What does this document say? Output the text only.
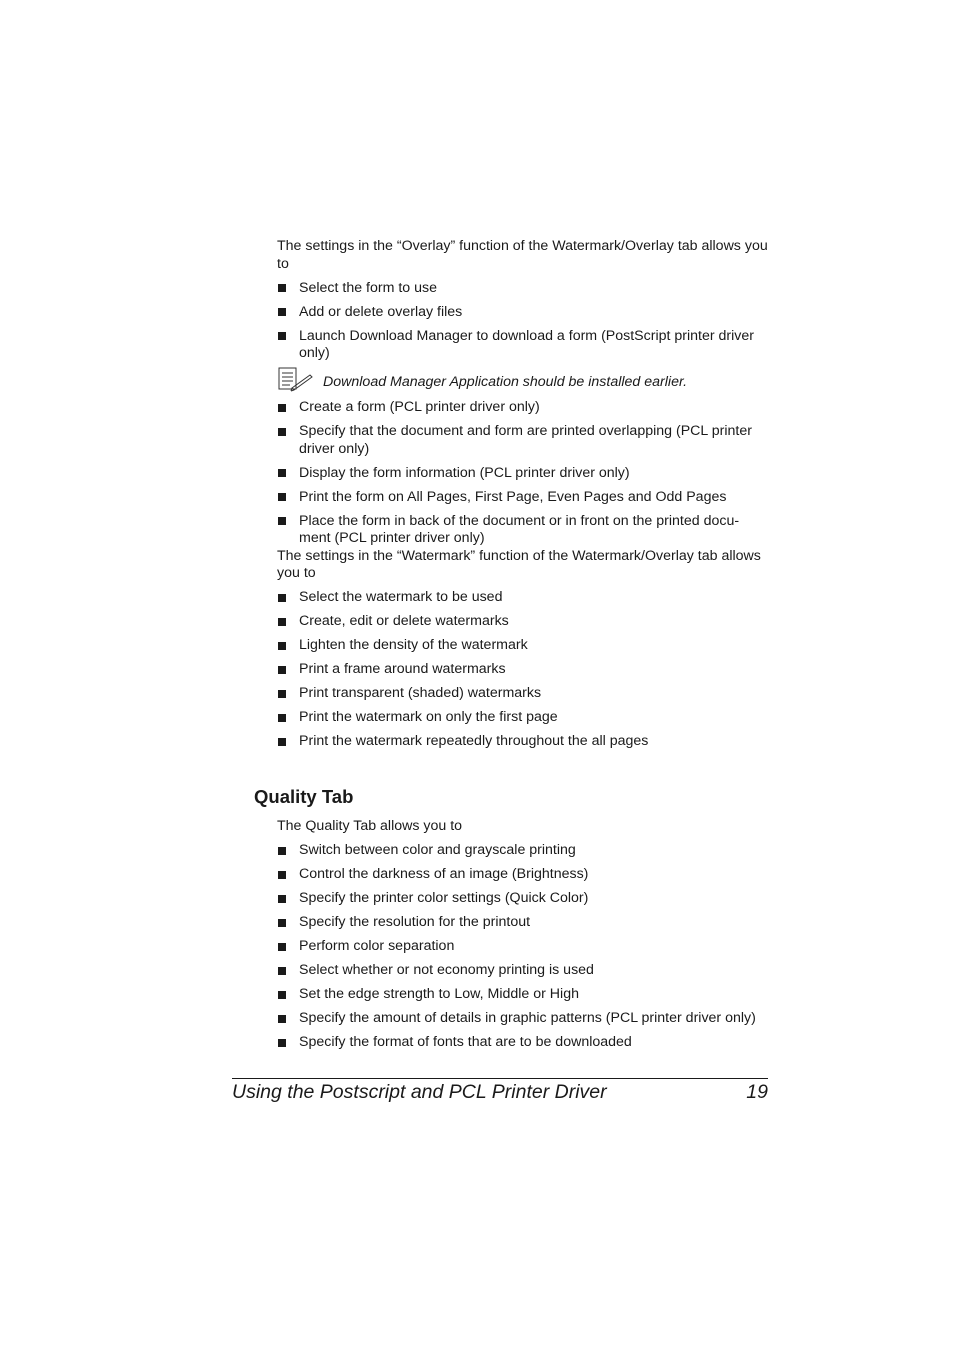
The settings in the “Overlay” function of the Watermark/Overlay tab allows you to

Select the form to use
Add or delete overlay files
Launch Download Manager to download a form (PostScript printer driver only)
Download Manager Application should be installed earlier.
Create a form (PCL printer driver only)
Specify that the document and form are printed overlapping (PCL printer driver only)
Display the form information (PCL printer driver only)
Print the form on All Pages, First Page, Even Pages and Odd Pages
Place the form in back of the document or in front on the printed docu-ment (PCL printer driver only)

The settings in the “Watermark” function of the Watermark/Overlay tab allows you to

Select the watermark to be used
Create, edit or delete watermarks
Lighten the density of the watermark
Print a frame around watermarks
Print transparent (shaded) watermarks
Print the watermark on only the first page
Print the watermark repeatedly throughout the all pages
Quality Tab

The Quality Tab allows you to

Switch between color and grayscale printing
Control the darkness of an image (Brightness)
Specify the printer color settings (Quick Color)
Specify the resolution for the printout
Perform color separation
Select whether or not economy printing is used
Set the edge strength to Low, Middle or High
Specify the amount of details in graphic patterns (PCL printer driver only)
Specify the format of fonts that are to be downloaded
Using the Postscript and PCL Printer Driver	19
